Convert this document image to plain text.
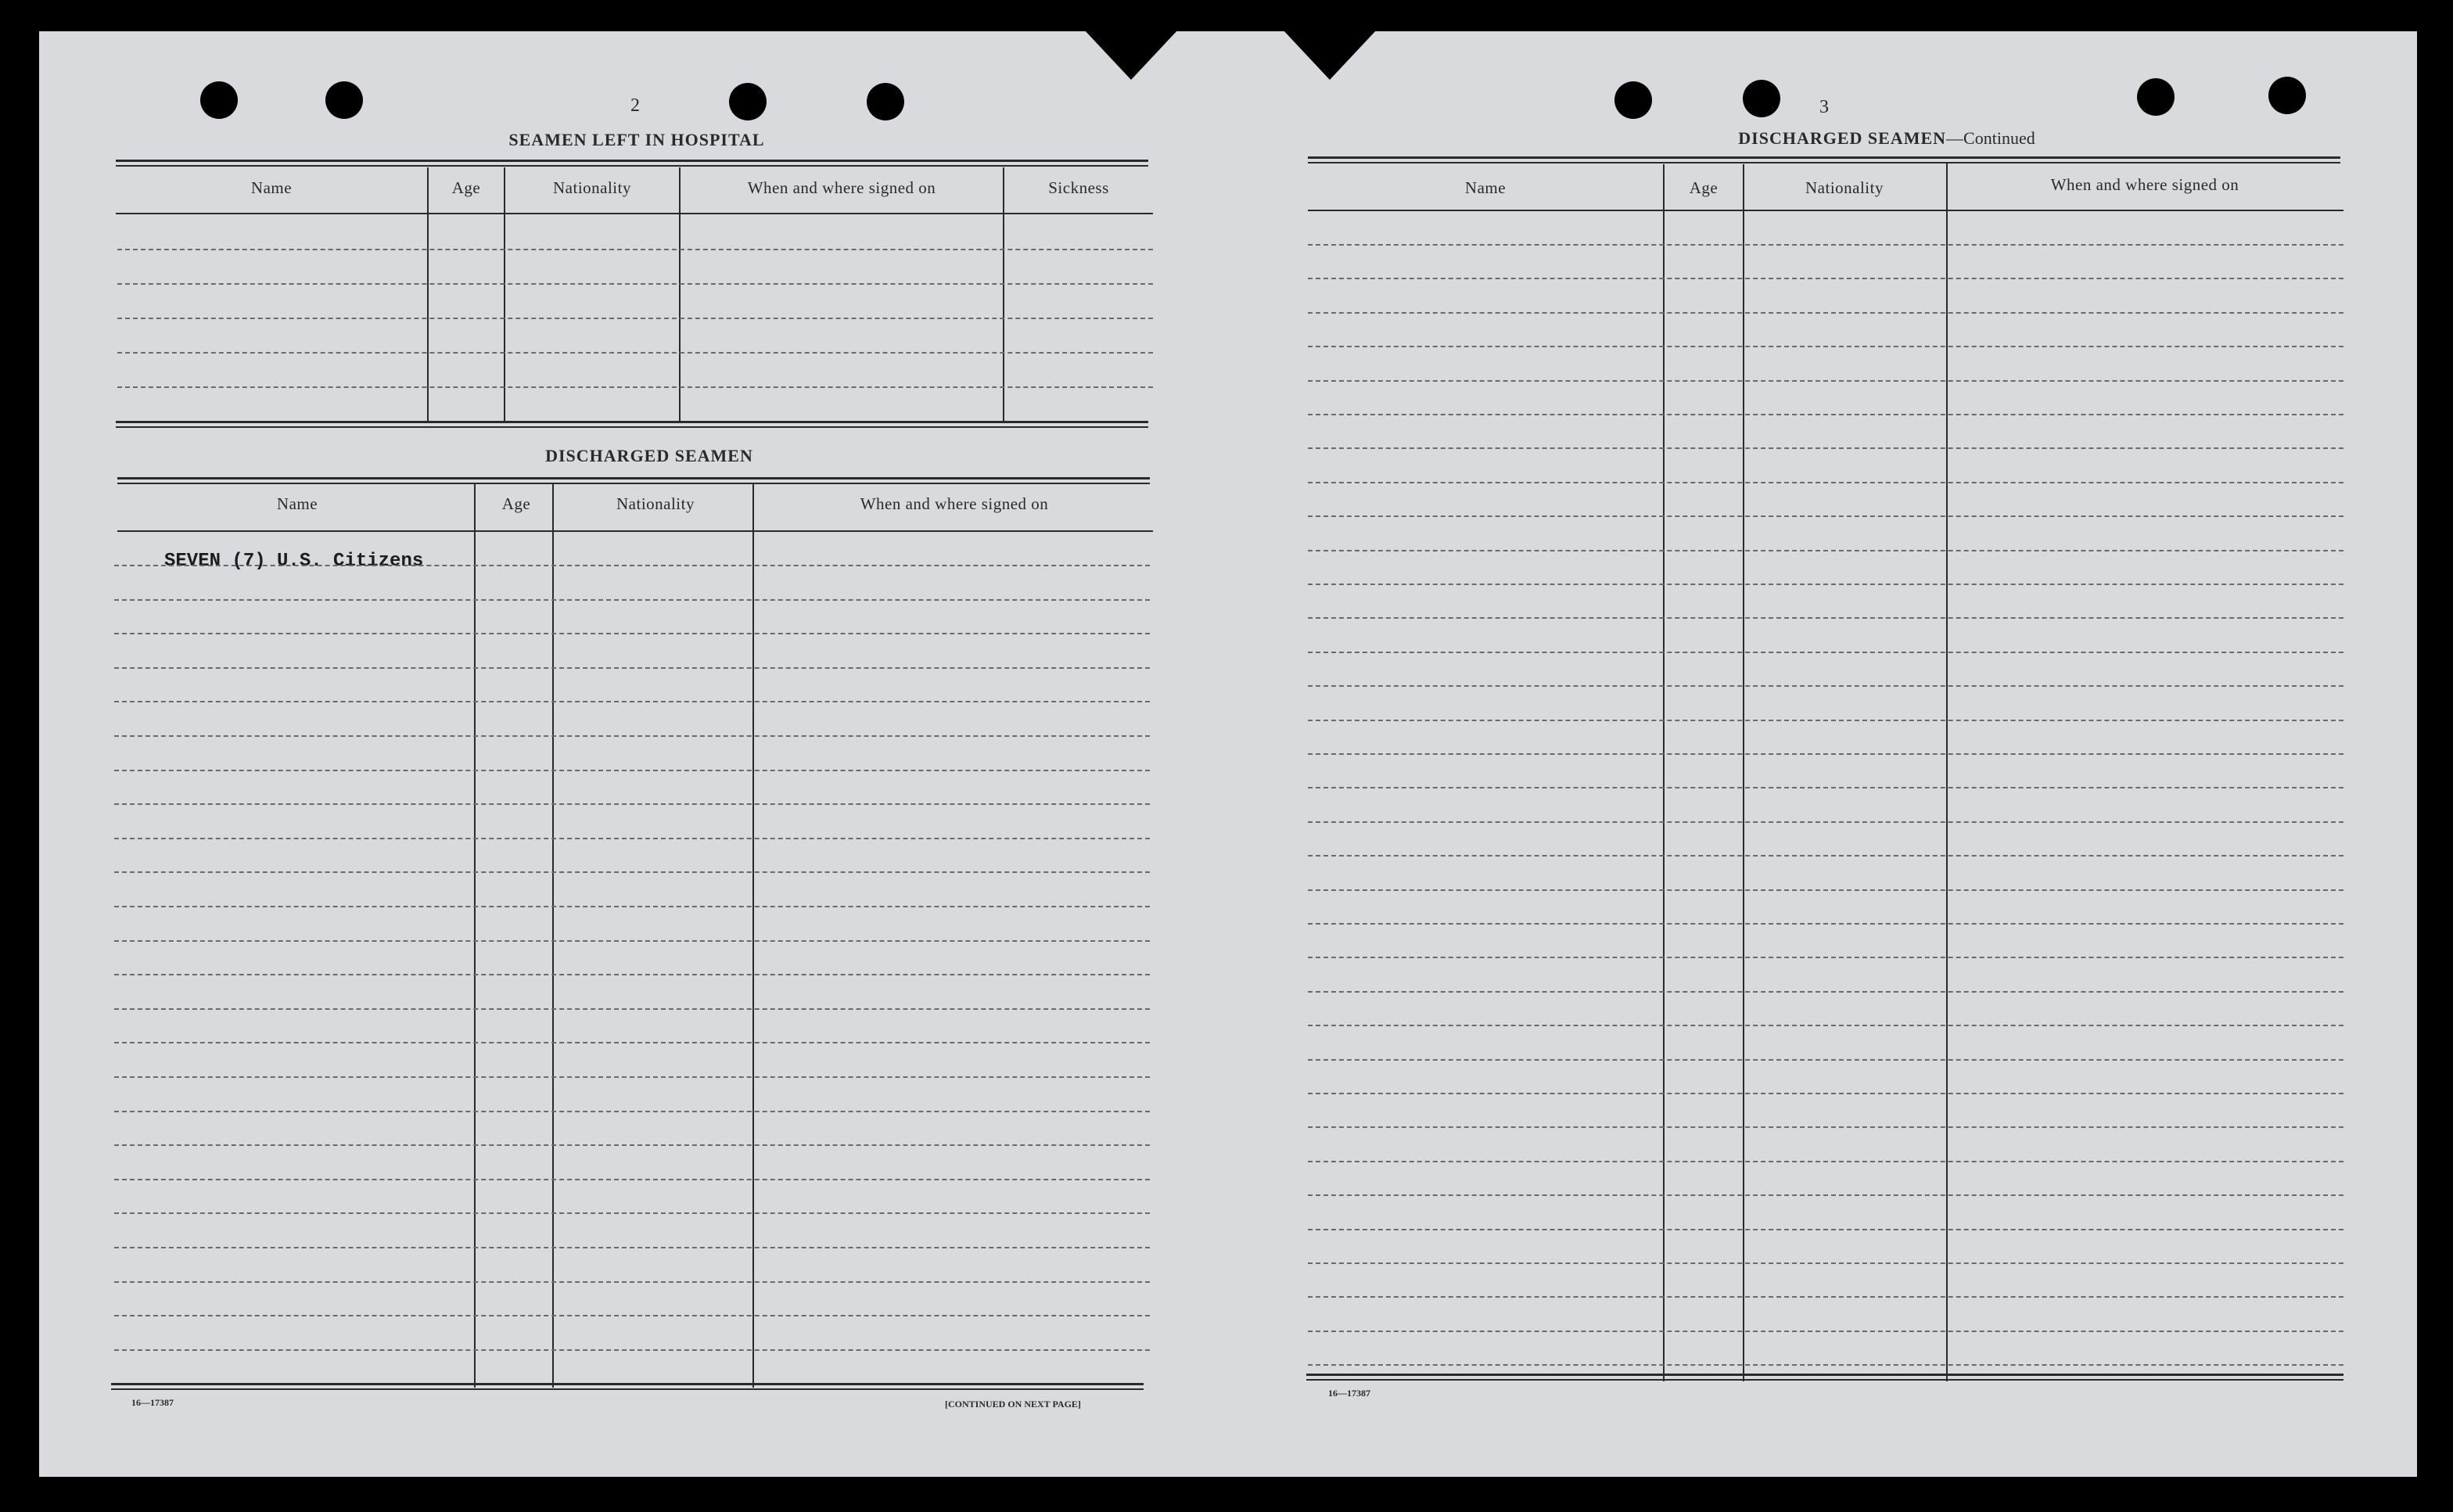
2
SEAMEN LEFT IN HOSPITAL
Name	Age	Nationality	When and where signed on	Sickness
DISCHARGED SEAMEN
Name	Age	Nationality	When and where signed on
SEVEN (7) U.S. Citizens
16—17387	[CONTINUED ON NEXT PAGE]
3
DISCHARGED SEAMEN—Continued
Name	Age	Nationality	When and where signed on
16—17387
